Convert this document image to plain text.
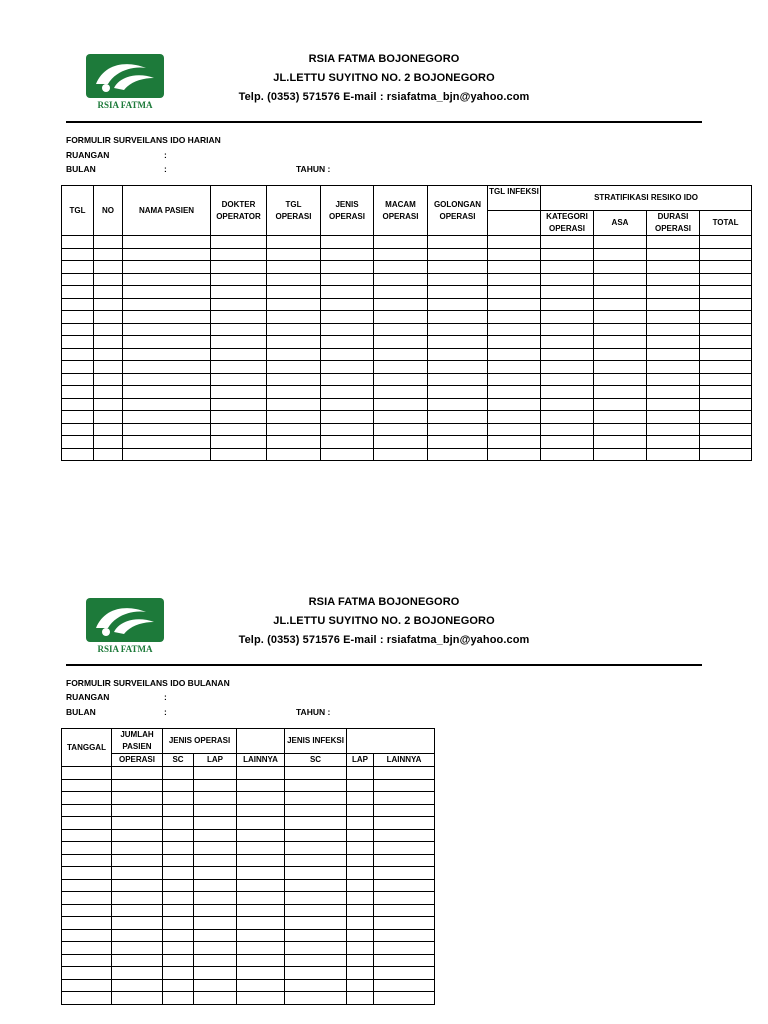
RSIA FATMA
RSIA FATMA BOJONEGORO
JL.LETTU SUYITNO NO. 2 BOJONEGORO
Telp. (0353) 571576 E-mail : rsiafatma_bjn@yahoo.com
FORMULIR SURVEILANS IDO HARIAN
RUANGAN	:
BULAN	:	TAHUN :
TGL	NO	NAMA PASIEN	DOKTER OPERATOR	TGL OPERASI	JENIS OPERASI	MACAM OPERASI	GOLONGAN OPERASI	TGL INFEKSI	STRATIFIKASI RESIKO IDO			
									KATEGORI OPERASI	ASA	DURASI OPERASI	TOTAL

RSIA FATMA
RSIA FATMA BOJONEGORO
JL.LETTU SUYITNO NO. 2 BOJONEGORO
Telp. (0353) 571576 E-mail : rsiafatma_bjn@yahoo.com
FORMULIR SURVEILANS IDO BULANAN
RUANGAN	:
BULAN	:	TAHUN :
TANGGAL	JUMLAH PASIEN	JENIS OPERASI			JENIS INFEKSI		
	OPERASI	SC	LAP	LAINNYA	SC	LAP	LAINNYA
